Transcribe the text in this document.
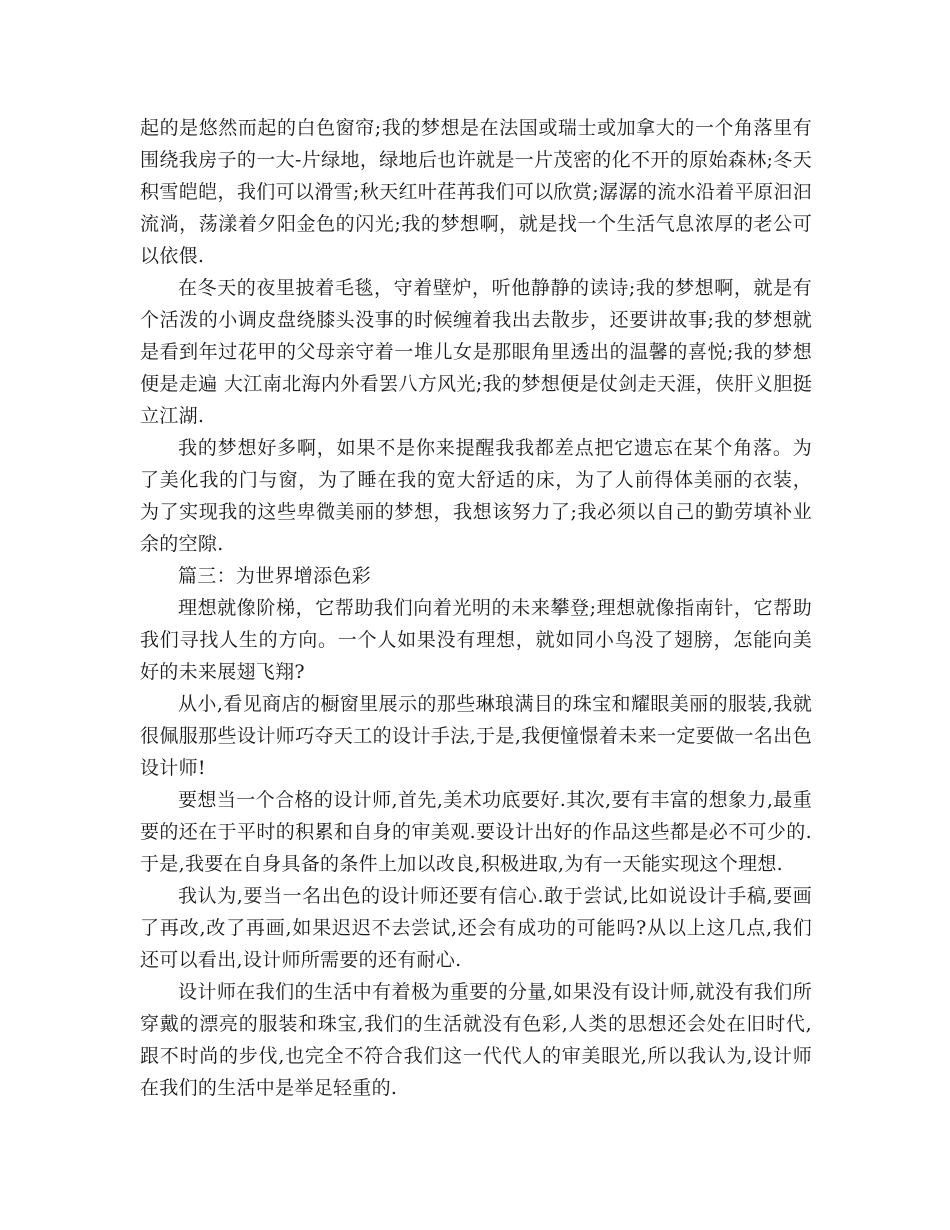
起的是悠然而起的白色窗帘;我的梦想是在法国或瑞士或加拿大的一个角落里有围绕我房子的一大-片绿地，绿地后也许就是一片茂密的化不开的原始森林;冬天积雪皑皑，我们可以滑雪;秋天红叶荏苒我们可以欣赏;潺潺的流水沿着平原汩汩流淌，荡漾着夕阳金色的闪光;我的梦想啊，就是找一个生活气息浓厚的老公可以依偎.

在冬天的夜里披着毛毯，守着壁炉，听他静静的读诗;我的梦想啊，就是有个活泼的小调皮盘绕膝头没事的时候缠着我出去散步，还要讲故事;我的梦想就是看到年过花甲的父母亲守着一堆儿女是那眼角里透出的温馨的喜悦;我的梦想便是走遍 大江南北海内外看罢八方风光;我的梦想便是仗剑走天涯，侠肝义胆挺立江湖.

我的梦想好多啊，如果不是你来提醒我我都差点把它遗忘在某个角落。为了美化我的门与窗，为了睡在我的宽大舒适的床，为了人前得体美丽的衣装，为了实现我的这些卑微美丽的梦想，我想该努力了;我必须以自己的勤劳填补业余的空隙.

篇三：为世界增添色彩

理想就像阶梯，它帮助我们向着光明的未来攀登;理想就像指南针，它帮助我们寻找人生的方向。一个人如果没有理想，就如同小鸟没了翅膀，怎能向美好的未来展翅飞翔?

从小,看见商店的橱窗里展示的那些琳琅满目的珠宝和耀眼美丽的服装,我就很佩服那些设计师巧夺天工的设计手法,于是,我便憧憬着未来一定要做一名出色设计师!

要想当一个合格的设计师,首先,美术功底要好.其次,要有丰富的想象力,最重要的还在于平时的积累和自身的审美观.要设计出好的作品这些都是必不可少的.于是,我要在自身具备的条件上加以改良,积极进取,为有一天能实现这个理想.

我认为,要当一名出色的设计师还要有信心.敢于尝试,比如说设计手稿,要画了再改,改了再画,如果迟迟不去尝试,还会有成功的可能吗?从以上这几点,我们还可以看出,设计师所需要的还有耐心.

设计师在我们的生活中有着极为重要的分量,如果没有设计师,就没有我们所穿戴的漂亮的服装和珠宝,我们的生活就没有色彩,人类的思想还会处在旧时代,跟不时尚的步伐,也完全不符合我们这一代代人的审美眼光,所以我认为,设计师在我们的生活中是举足轻重的.
